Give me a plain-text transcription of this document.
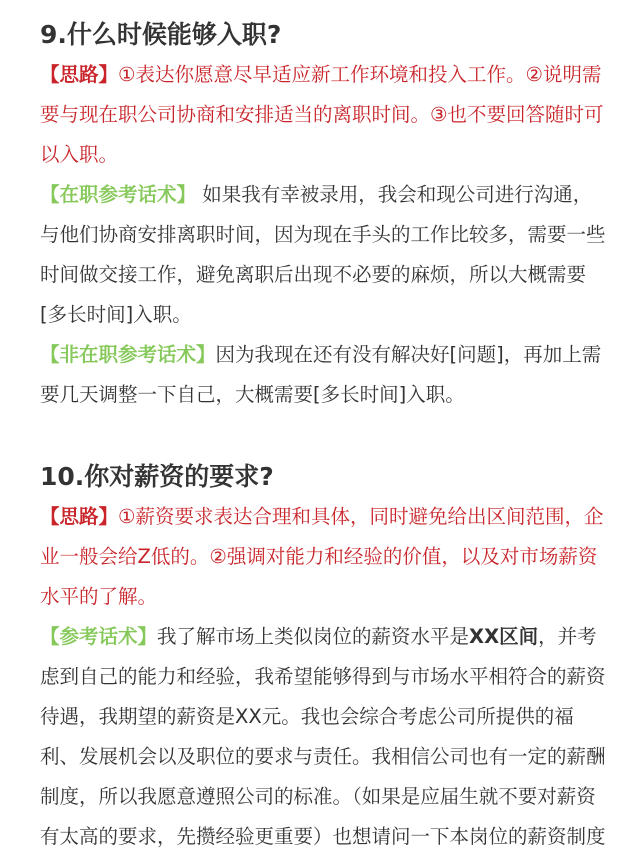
9.什么时候能够入职?
【思路】①表达你愿意尽早适应新工作环境和投入工作。②说明需
要与现在职公司协商和安排适当的离职时间。③也不要回答随时可
以入职。
【在职参考话术】 如果我有幸被录用，我会和现公司进行沟通，
与他们协商安排离职时间，因为现在手头的工作比较多，需要一些
时间做交接工作，避免离职后出现不必要的麻烦，所以大概需要
[多长时间]入职。
【非在职参考话术】因为我现在还有没有解决好[问题]，再加上需
要几天调整一下自己，大概需要[多长时间]入职。
10.你对薪资的要求?
【思路】①薪资要求表达合理和具体，同时避免给出区间范围，企
业一般会给Z低的。②强调对能力和经验的价值，以及对市场薪资
水平的了解。
【参考话术】我了解市场上类似岗位的薪资水平是XX区间，并考
虑到自己的能力和经验，我希望能够得到与市场水平相符合的薪资
待遇，我期望的薪资是XX元。我也会综合考虑公司所提供的福
利、发展机会以及职位的要求与责任。我相信公司也有一定的薪酬
制度，所以我愿意遵照公司的标准。（如果是应届生就不要对薪资
有太高的要求，先攒经验更重要）也想请问一下本岗位的薪资制度
